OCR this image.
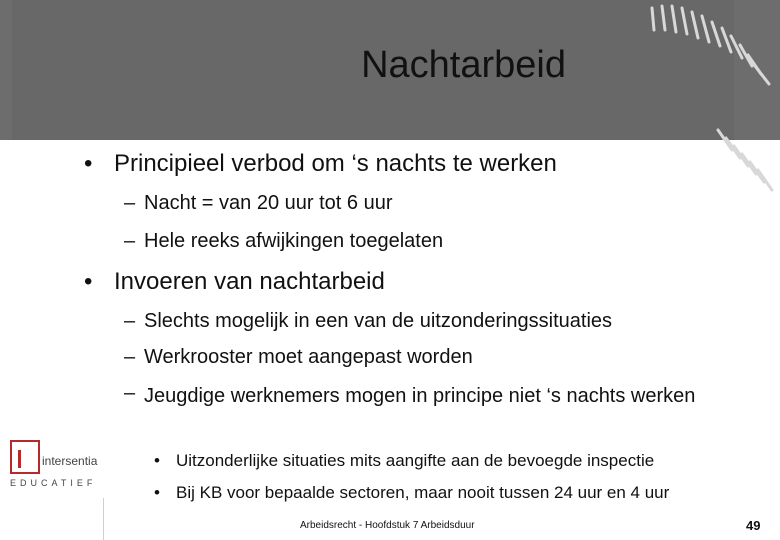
Nachtarbeid
• Principieel verbod om ‘s nachts te werken
– Nacht = van 20 uur tot 6 uur
– Hele reeks afwijkingen toegelaten
• Invoeren van nachtarbeid
– Slechts mogelijk in een van de uitzonderingssituaties
– Werkrooster moet aangepast worden
– Jeugdige werknemers mogen in principe niet ‘s nachts werken
• Uitzonderlijke situaties mits aangifte aan de bevoegde inspectie
• Bij KB voor bepaalde sectoren, maar nooit tussen 24 uur en 4 uur
intersentia
EDUCATIEF
Arbeidsrecht - Hoofdstuk 7 Arbeidsduur	49
